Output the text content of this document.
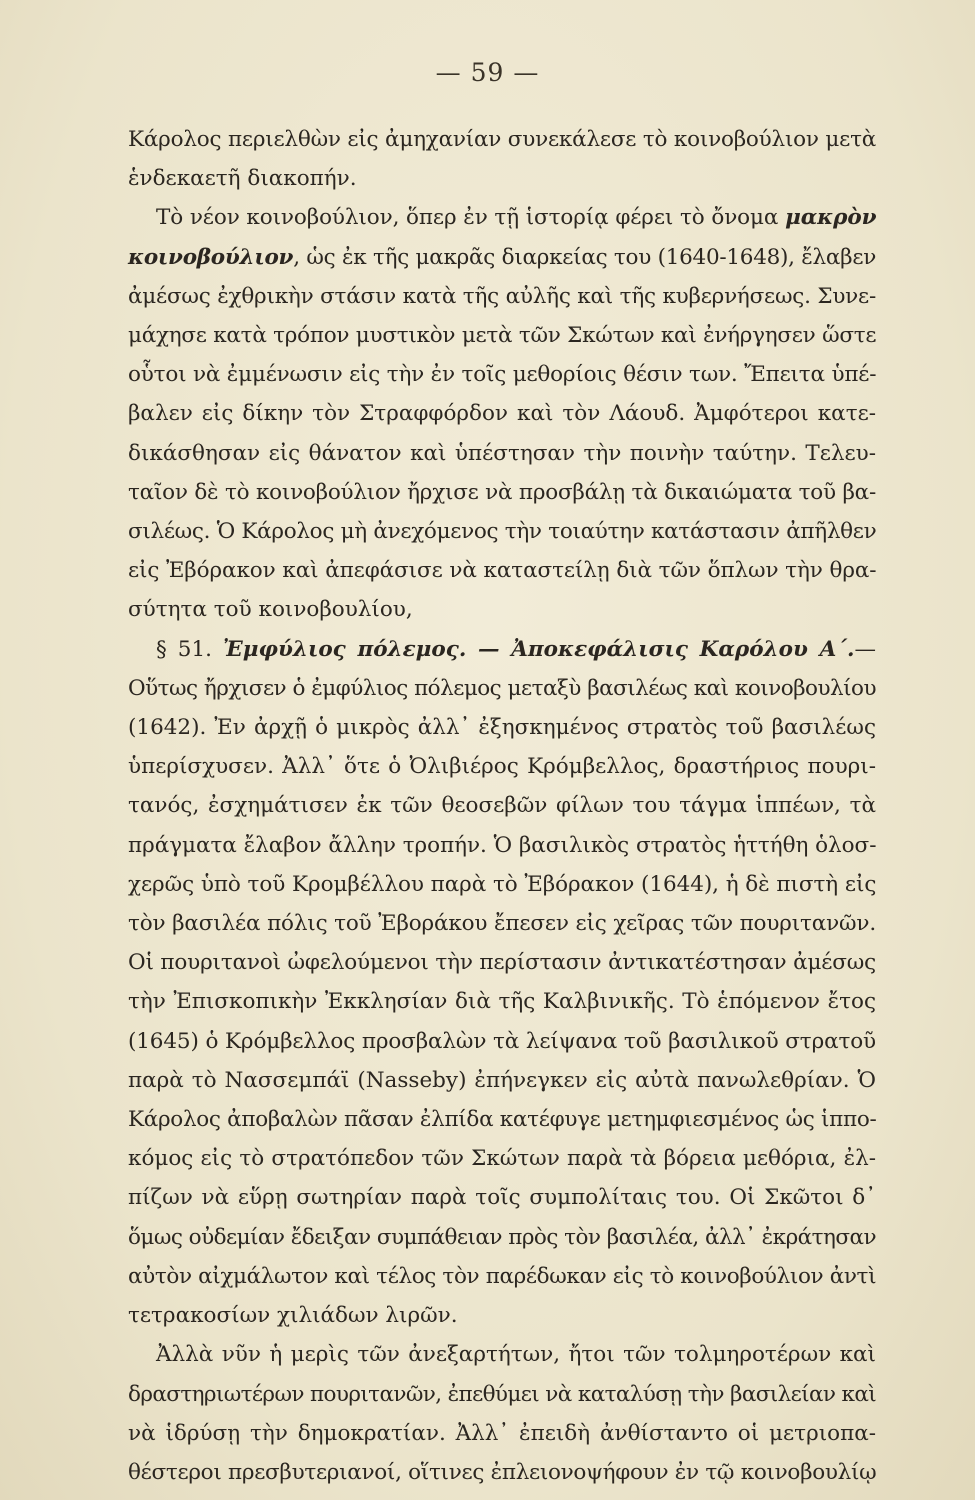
— 59 —
Κάρολος περιελθὼν εἰς ἀμηχανίαν συνεκάλεσε τὸ κοινοβούλιον μετὰ
ἑνδεκαετῆ διακοπήν.
Τὸ νέον κοινοβούλιον, ὅπερ ἐν τῇ ἱστορίᾳ φέρει τὸ ὄνομα μακρὸν
κοινοβούλιον, ὡς ἐκ τῆς μακρᾶς διαρκείας του (1640-1648), ἔλαβεν
ἀμέσως ἐχθρικὴν στάσιν κατὰ τῆς αὐλῆς καὶ τῆς κυβερνήσεως. Συνε-
μάχησε κατὰ τρόπον μυστικὸν μετὰ τῶν Σκώτων καὶ ἐνήργησεν ὥστε
οὗτοι νὰ ἐμμένωσιν εἰς τὴν ἐν τοῖς μεθορίοις θέσιν των. Ἔπειτα ὑπέ-
βαλεν εἰς δίκην τὸν Στραφφόρδον καὶ τὸν Λάουδ. Ἀμφότεροι κατε-
δικάσθησαν εἰς θάνατον καὶ ὑπέστησαν τὴν ποινὴν ταύτην. Τελευ-
ταῖον δὲ τὸ κοινοβούλιον ἤρχισε νὰ προσβάλῃ τὰ δικαιώματα τοῦ βα-
σιλέως. Ὁ Κάρολος μὴ ἀνεχόμενος τὴν τοιαύτην κατάστασιν ἀπῆλθεν
εἰς Ἐβόρακον καὶ ἀπεφάσισε νὰ καταστείλῃ διὰ τῶν ὅπλων τὴν θρα-
σύτητα τοῦ κοινοβουλίου,
§ 51. Ἐμφύλιος πόλεμος. — Ἀποκεφάλισις Καρόλου Α΄.—
Οὕτως ἤρχισεν ὁ ἐμφύλιος πόλεμος μεταξὺ βασιλέως καὶ κοινοβουλίου
(1642). Ἐν ἀρχῇ ὁ μικρὸς ἀλλ᾽ ἐξησκημένος στρατὸς τοῦ βασιλέως
ὑπερίσχυσεν. Ἀλλ᾽ ὅτε ὁ Ὀλιβιέρος Κρόμβελλος, δραστήριος πουρι-
τανός, ἐσχημάτισεν ἐκ τῶν θεοσεβῶν φίλων του τάγμα ἱππέων, τὰ
πράγματα ἔλαβον ἄλλην τροπήν. Ὁ βασιλικὸς στρατὸς ἡττήθη ὁλοσ-
χερῶς ὑπὸ τοῦ Κρομβέλλου παρὰ τὸ Ἐβόρακον (1644), ἡ δὲ πιστὴ εἰς
τὸν βασιλέα πόλις τοῦ Ἐβοράκου ἔπεσεν εἰς χεῖρας τῶν πουριτανῶν.
Οἱ πουριτανοὶ ὠφελούμενοι τὴν περίστασιν ἀντικατέστησαν ἀμέσως
τὴν Ἐπισκοπικὴν Ἐκκλησίαν διὰ τῆς Καλβινικῆς. Τὸ ἑπόμενον ἔτος
(1645) ὁ Κρόμβελλος προσβαλὼν τὰ λείψανα τοῦ βασιλικοῦ στρατοῦ
παρὰ τὸ Νασσεμπάϊ (Nasseby) ἐπήνεγκεν εἰς αὐτὰ πανωλεθρίαν. Ὁ
Κάρολος ἀποβαλὼν πᾶσαν ἐλπίδα κατέφυγε μετημφιεσμένος ὡς ἱππο-
κόμος εἰς τὸ στρατόπεδον τῶν Σκώτων παρὰ τὰ βόρεια μεθόρια, ἐλ-
πίζων νὰ εὕρῃ σωτηρίαν παρὰ τοῖς συμπολίταις του. Οἱ Σκῶτοι δ᾽
ὅμως οὐδεμίαν ἔδειξαν συμπάθειαν πρὸς τὸν βασιλέα, ἀλλ᾽ ἐκράτησαν
αὐτὸν αἰχμάλωτον καὶ τέλος τὸν παρέδωκαν εἰς τὸ κοινοβούλιον ἀντὶ
τετρακοσίων χιλιάδων λιρῶν.
Ἀλλὰ νῦν ἡ μερὶς τῶν ἀνεξαρτήτων, ἤτοι τῶν τολμηροτέρων καὶ
δραστηριωτέρων πουριτανῶν, ἐπεθύμει νὰ καταλύσῃ τὴν βασιλείαν καὶ
νὰ ἱδρύσῃ τὴν δημοκρατίαν. Ἀλλ᾽ ἐπειδὴ ἀνθίσταντο οἱ μετριοπα-
θέστεροι πρεσβυτεριανοί, οἵτινες ἐπλειονοψήφουν ἐν τῷ κοινοβουλίῳ
